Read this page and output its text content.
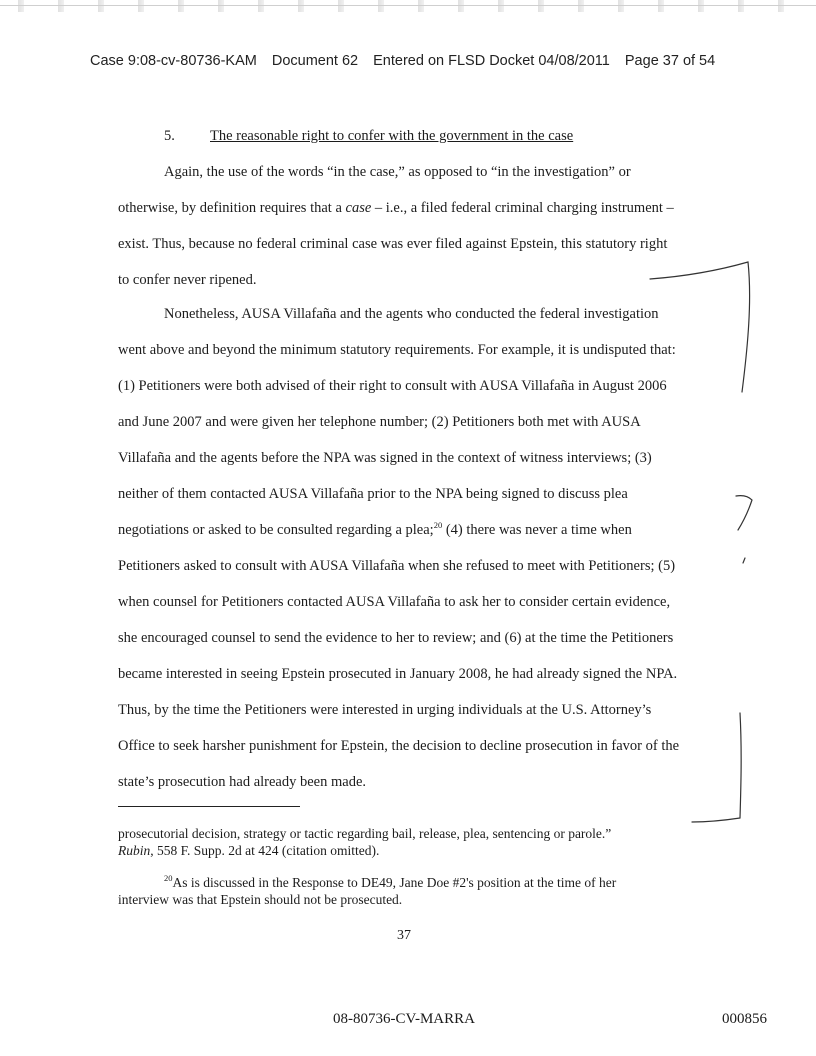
Case 9:08-cv-80736-KAM Document 62 Entered on FLSD Docket 04/08/2011 Page 37 of 54
5. The reasonable right to confer with the government in the case
Again, the use of the words “in the case,” as opposed to “in the investigation” or
otherwise, by definition requires that a case – i.e., a filed federal criminal charging instrument –
exist. Thus, because no federal criminal case was ever filed against Epstein, this statutory right
to confer never ripened.
Nonetheless, AUSA Villafaña and the agents who conducted the federal investigation
went above and beyond the minimum statutory requirements. For example, it is undisputed that:
(1) Petitioners were both advised of their right to consult with AUSA Villafaña in August 2006
and June 2007 and were given her telephone number; (2) Petitioners both met with AUSA
Villafaña and the agents before the NPA was signed in the context of witness interviews; (3)
neither of them contacted AUSA Villafaña prior to the NPA being signed to discuss plea
negotiations or asked to be consulted regarding a plea;$^{20}$ (4) there was never a time when
Petitioners asked to consult with AUSA Villafaña when she refused to meet with Petitioners; (5)
when counsel for Petitioners contacted AUSA Villafaña to ask her to consider certain evidence,
she encouraged counsel to send the evidence to her to review; and (6) at the time the Petitioners
became interested in seeing Epstein prosecuted in January 2008, he had already signed the NPA.
Thus, by the time the Petitioners were interested in urging individuals at the U.S. Attorney’s
Office to seek harsher punishment for Epstein, the decision to decline prosecution in favor of the
state’s prosecution had already been made.
prosecutorial decision, strategy or tactic regarding bail, release, plea, sentencing or parole.”
Rubin, 558 F. Supp. 2d at 424 (citation omitted).
$^{20}$As is discussed in the Response to DE49, Jane Doe #2's position at the time of her
interview was that Epstein should not be prosecuted.
37
08-80736-CV-MARRA	000856
